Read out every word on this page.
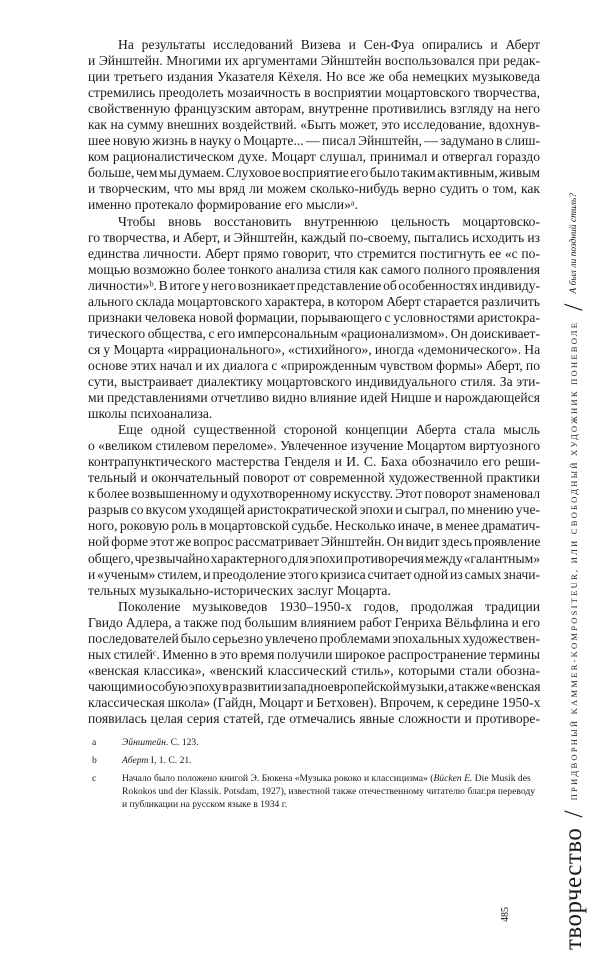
На результаты исследований Визева и Сен-Фуа опирались и Аберт
и Эйнштейн. Многими их аргументами Эйнштейн воспользовался при редак-
ции третьего издания Указателя Кёхеля. Но все же оба немецких музыковеда
стремились преодолеть мозаичность в восприятии моцартовского творчества,
свойственную французским авторам, внутренне противились взгляду на него
как на сумму внешних воздействий. «Быть может, это исследование, вдохнув-
шее новую жизнь в науку о Моцарте... — писал Эйнштейн, — задумано в слиш-
ком рационалистическом духе. Моцарт слушал, принимал и отвергал гораздо
больше, чем мы думаем. Слуховое восприятие его было таким активным, живым
и творческим, что мы вряд ли можем сколько-нибудь верно судить о том, как
именно протекало формирование его мысли»ᵃ.
Чтобы вновь восстановить внутреннюю цельность моцартовско-
го творчества, и Аберт, и Эйнштейн, каждый по-своему, пытались исходить из
единства личности. Аберт прямо говорит, что стремится постигнуть ее «с по-
мощью возможно более тонкого анализа стиля как самого полного проявления
личности»ᵇ. В итоге у него возникает представление об особенностях индивиду-
ального склада моцартовского характера, в котором Аберт старается различить
признаки человека новой формации, порывающего с условностями аристокра-
тического общества, с его имперсональным «рационализмом». Он доискивает-
ся у Моцарта «иррационального», «стихийного», иногда «демонического». На
основе этих начал и их диалога с «прирожденным чувством формы» Аберт, по
сути, выстраивает диалектику моцартовского индивидуального стиля. За эти-
ми представлениями отчетливо видно влияние идей Ницше и нарождающейся
школы психоанализа.
Еще одной существенной стороной концепции Аберта стала мысль
о «великом стилевом переломе». Увлеченное изучение Моцартом виртуозного
контрапунктического мастерства Генделя и И. С. Баха обозначило его реши-
тельный и окончательный поворот от современной художественной практики
к более возвышенному и одухотворенному искусству. Этот поворот знаменовал
разрыв со вкусом уходящей аристократической эпохи и сыграл, по мнению уче-
ного, роковую роль в моцартовской судьбе. Несколько иначе, в менее драматич-
ной форме этот же вопрос рассматривает Эйнштейн. Он видит здесь проявление
общего, чрезвычайно характерного для эпохи противоречия между «галантным»
и «ученым» стилем, и преодоление этого кризиса считает одной из самых значи-
тельных музыкально-исторических заслуг Моцарта.
Поколение музыковедов 1930–1950-х годов, продолжая традиции
Гвидо Адлера, а также под большим влиянием работ Генриха Вёльфлина и его
последователей было серьезно увлечено проблемами эпохальных художествен-
ных стилейᶜ. Именно в это время получили широкое распространение термины
«венская классика», «венский классический стиль», которыми стали обозна-
чающими особую эпоху в развитии западноевропейской музыки, а также «венская
классическая школа» (Гайдн, Моцарт и Бетховен). Впрочем, к середине 1950-х
появилась целая серия статей, где отмечались явные сложности и противоре-
a	Эйнштейн. С. 123.
b	Аберт I, 1. С. 21.
c	Начало было положено книгой Э. Бюкена «Музыка рококо и классицизма» (Bücken E. Die Musik des Rokokos und der Klassik. Potsdam, 1927), известной также отечественному читателю благ.ря переводу и публикации на русском языке в 1934 г.
творчество
/
ПРИДВОРНЫЙ KAMMER-KOMPOSITEUR, ИЛИ СВОБОДНЫЙ ХУДОЖНИК ПОНЕВОЛЕ
/
А был ли поздний стиль?
485
